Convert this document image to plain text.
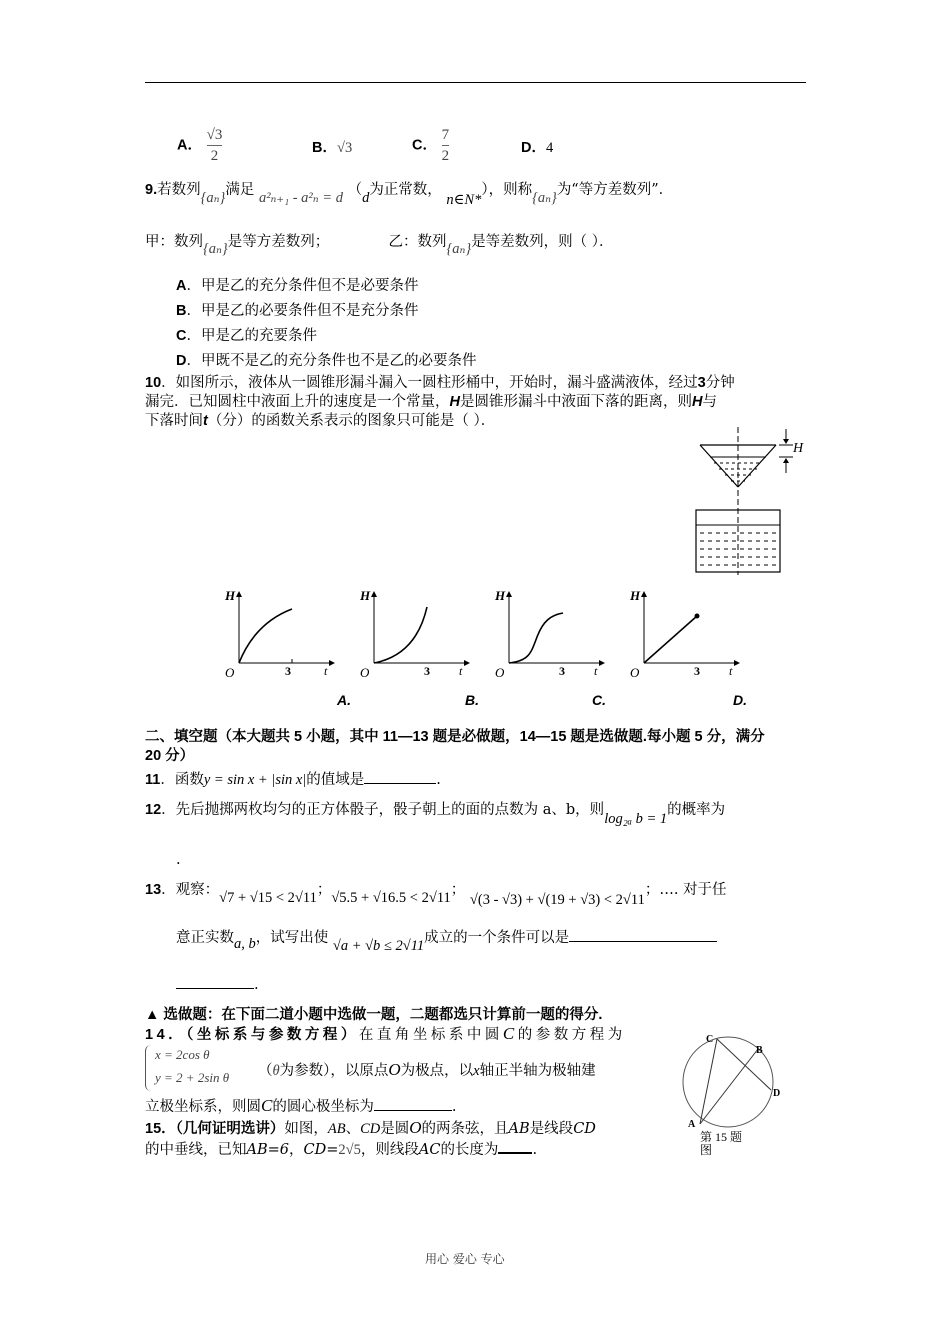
A． $\frac{√3}{2}$	B．√3	C． $\frac{7}{2}$	D．4
9.若数列{aₙ}满足 a²ₙ₊₁ - a²ₙ = d （d为正常数， n∈N*），则称{aₙ}为“等方差数列”．
甲：数列{aₙ}是等方差数列；	乙：数列{aₙ}是等差数列，则（ ）．
A．甲是乙的充分条件但不是必要条件
B．甲是乙的必要条件但不是充分条件
C．甲是乙的充要条件
D．甲既不是乙的充分条件也不是乙的必要条件
10．如图所示，液体从一圆锥形漏斗漏入一圆柱形桶中，开始时，漏斗盛满液体，经过3分钟
漏完．已知圆柱中液面上升的速度是一个常量，H是圆锥形漏斗中液面下落的距离，则H与
下落时间t（分）的函数关系表示的图象只可能是（ ）．
H
H
O	3	t
H
O	3 t
H
O	3 t
H
O	3 t
A.	B.	C.	D.
二、填空题（本大题共 5 小题，其中 11—13 题是必做题，14—15 题是选做题.每小题 5 分，满分
20 分）
11．函数y = sin x + |sin x|的值域是	.
12．先后抛掷两枚均匀的正方体骰子，骰子朝上的面的点数为 a、b，则log₂ₐ b = 1的概率为
.
13．观察：√7 + √15 < 2√11；√5.5 + √16.5 < 2√11； √(3 - √3) + √(19 + √3) < 2√11；…. 对于任
意正实数a, b，试写出使 √a + √b ≤ 2√11成立的一个条件可以是
.
▲ 选做题：在下面二道小题中选做一题，二题都选只计算前一题的得分.
14．（坐标系与参数方程）在直角坐标系中圆C的参数方程为
x = 2cos θ
y = 2 + 2sin θ （θ为参数），以原点O为极点，以x轴正半轴为极轴建
立极坐标系，则圆C的圆心极坐标为	.
15．（几何证明选讲）如图，AB、CD是圆O的两条弦，且AB是线段CD
的中垂线，已知AB=6，CD=2√5，则线段AC的长度为 .
C
B
D
A
第 15 题
图
用心 爱心 专心
